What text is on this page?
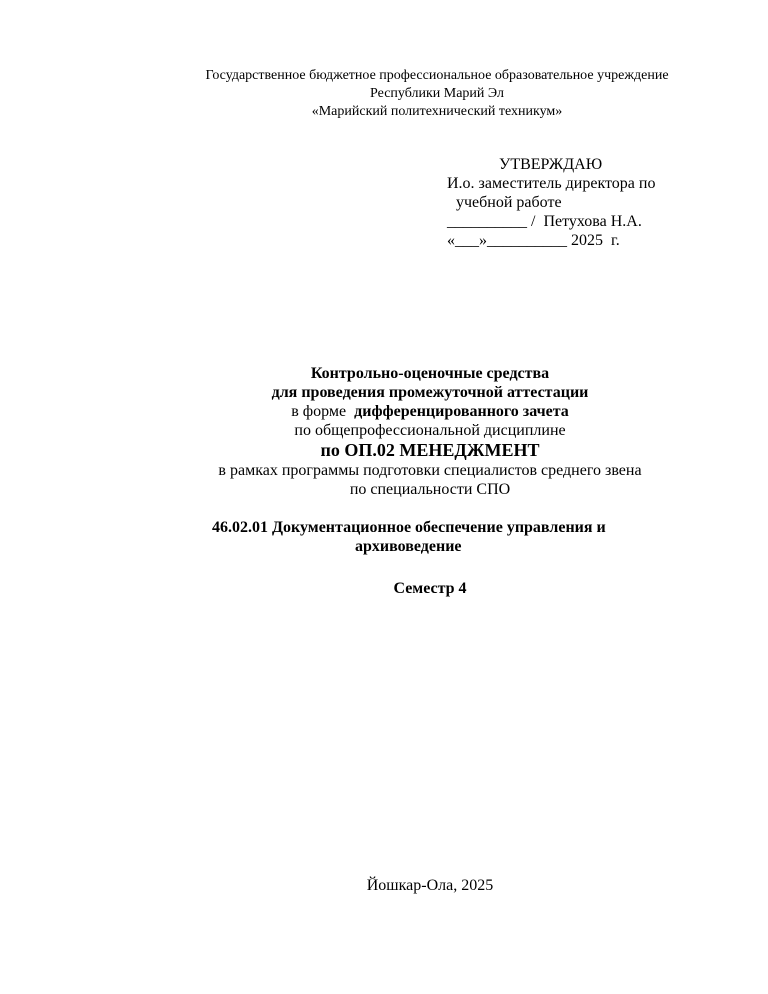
Государственное бюджетное профессиональное образовательное учреждение
Республики Марий Эл
«Марийский политехнический техникум»
УТВЕРЖДАЮ
И.о. заместитель директора по
учебной работе
__________ /  Петухова Н.А.
«___»__________ 2025  г.
Контрольно-оценочные средства
для проведения промежуточной аттестации
в форме  дифференцированного зачета
по общепрофессиональной дисциплине
по ОП.02 МЕНЕДЖМЕНТ
в рамках программы подготовки специалистов среднего звена
по специальности СПО
46.02.01 Документационное обеспечение управления и
архивоведение
Семестр 4
Йошкар-Ола, 2025
